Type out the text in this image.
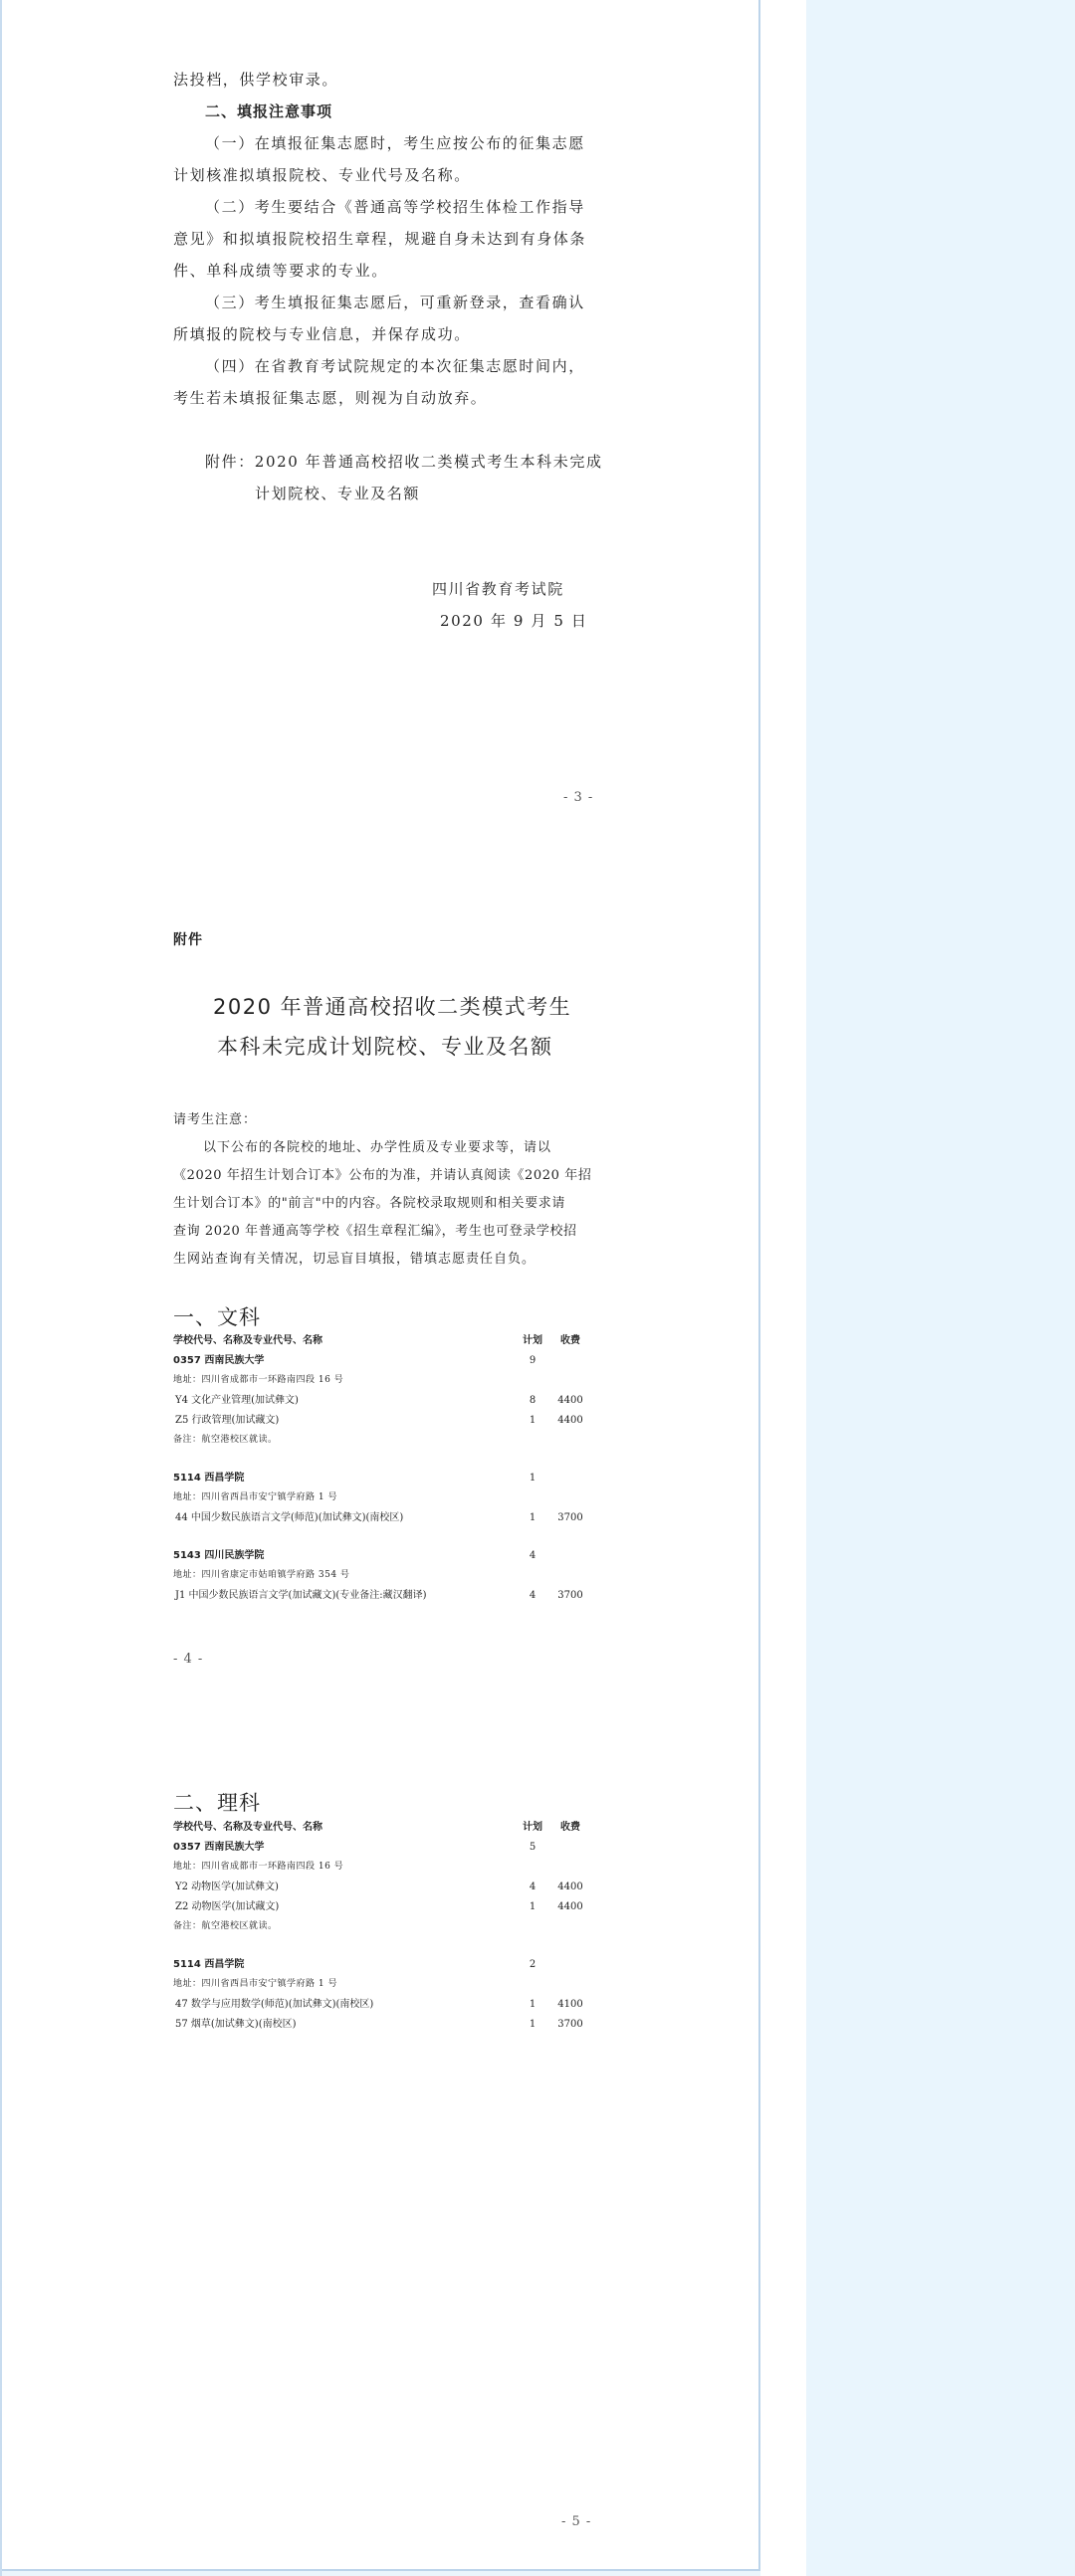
法投档，供学校审录。
二、填报注意事项
（一）在填报征集志愿时，考生应按公布的征集志愿
计划核准拟填报院校、专业代号及名称。
（二）考生要结合《普通高等学校招生体检工作指导
意见》和拟填报院校招生章程，规避自身未达到有身体条
件、单科成绩等要求的专业。
（三）考生填报征集志愿后，可重新登录，查看确认
所填报的院校与专业信息，并保存成功。
（四）在省教育考试院规定的本次征集志愿时间内，
考生若未填报征集志愿，则视为自动放弃。
附件：2020 年普通高校招收二类模式考生本科未完成
计划院校、专业及名额
四川省教育考试院
2020 年 9 月 5 日
- 3 -
附件
2020 年普通高校招收二类模式考生
本科未完成计划院校、专业及名额
请考生注意：
以下公布的各院校的地址、办学性质及专业要求等，请以
《2020 年招生计划合订本》公布的为准，并请认真阅读《2020 年招
生计划合订本》的"前言"中的内容。各院校录取规则和相关要求请
查询 2020 年普通高等学校《招生章程汇编》，考生也可登录学校招
生网站查询有关情况，切忌盲目填报，错填志愿责任自负。
一、文科
学校代号、名称及专业代号、名称	计划	收费
0357 西南民族大学	9
地址：四川省成都市一环路南四段 16 号
Y4 文化产业管理(加试彝文)	8	4400
Z5 行政管理(加试藏文)	1	4400
备注：航空港校区就读。
5114 西昌学院	1
地址：四川省西昌市安宁镇学府路 1 号
44 中国少数民族语言文学(师范)(加试彝文)(南校区)	1	3700
5143 四川民族学院	4
地址：四川省康定市姑咱镇学府路 354 号
J1 中国少数民族语言文学(加试藏文)(专业备注:藏汉翻译)	4	3700
- 4 -
二、理科
学校代号、名称及专业代号、名称	计划	收费
0357 西南民族大学	5
地址：四川省成都市一环路南四段 16 号
Y2 动物医学(加试彝文)	4	4400
Z2 动物医学(加试藏文)	1	4400
备注：航空港校区就读。
5114 西昌学院	2
地址：四川省西昌市安宁镇学府路 1 号
47 数学与应用数学(师范)(加试彝文)(南校区)	1	4100
57 烟草(加试彝文)(南校区)	1	3700
- 5 -
